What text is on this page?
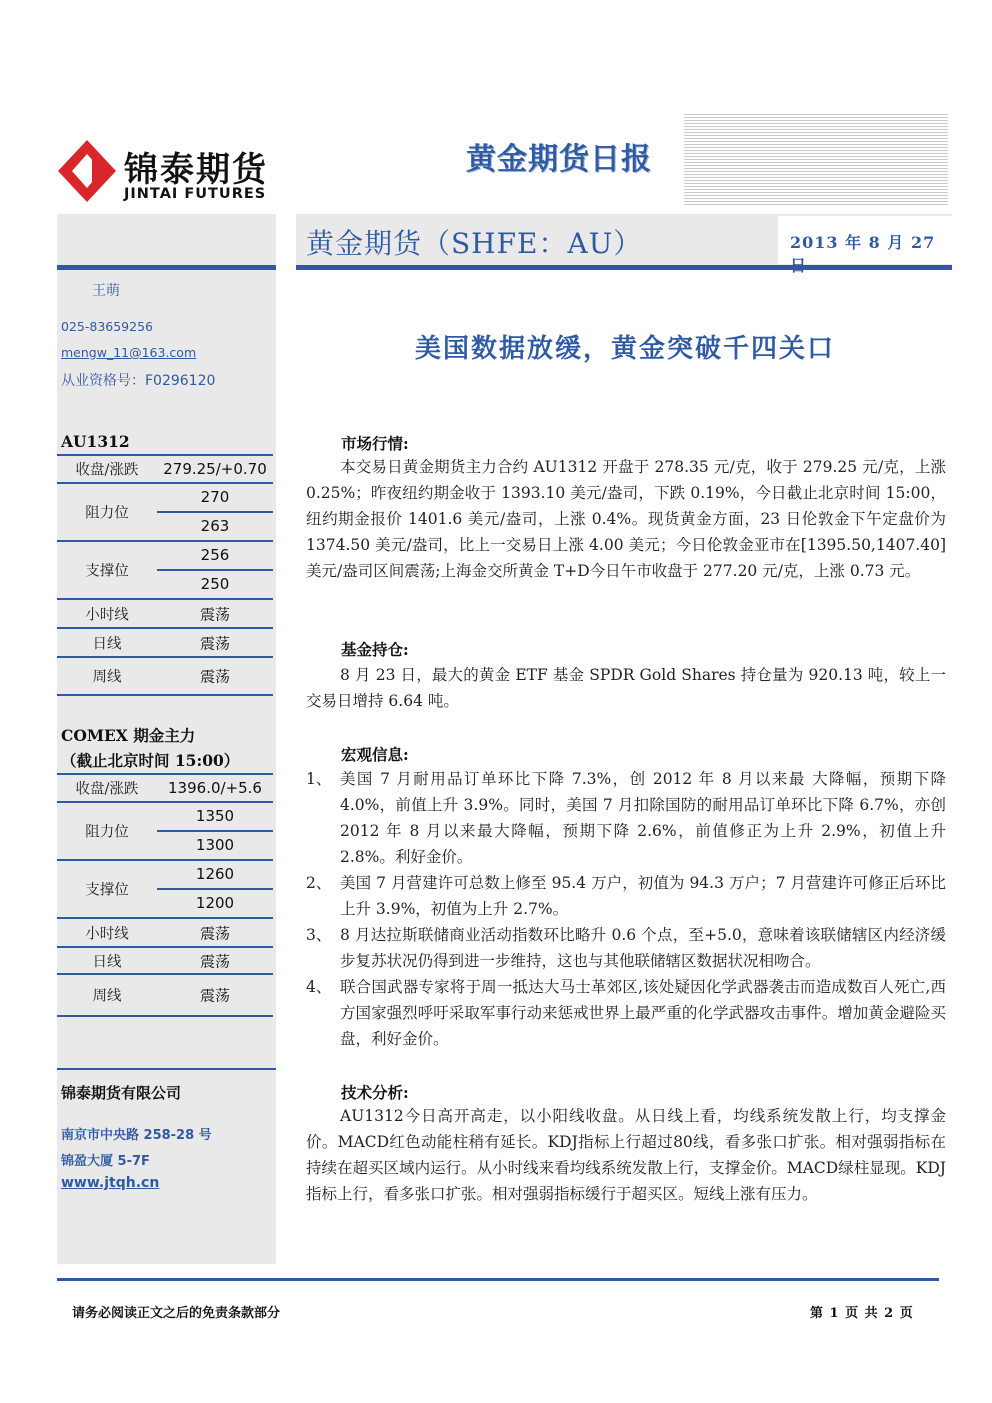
锦泰期货
JINTAI FUTURES
黄金期货日报
黄金期货（SHFE：AU）	2013 年 8 月 27
王萌
025-83659256
mengw_11@163.com
从业资格号：F0296120
AU1312
收盘/涨跌	279.25/+0.70
阻力位
270
263
支撑位
256
250
小时线	震荡
日线	震荡
周线	震荡
COMEX 期金主力
（截止北京时间 15:00）
收盘/涨跌	1396.0/+5.6
阻力位
1350
1300
支撑位
1260
1200
小时线	震荡
日线	震荡
周线	震荡
锦泰期货有限公司
南京市中央路 258-28 号
锦盈大厦 5-7F
www.jtqh.cn
美国数据放缓，黄金突破千四关口
市场行情:
本交易日黄金期货主力合约 AU1312 开盘于 278.35 元/克，收于 279.25 元/克，上涨 0.25%；昨夜纽约期金收于 1393.10 美元/盎司，下跌 0.19%，今日截止北京时间 15:00，纽约期金报价 1401.6 美元/盎司，上涨 0.4%。现货黄金方面，23 日伦敦金下午定盘价为 1374.50 美元/盎司，比上一交易日上涨 4.00 美元；今日伦敦金亚市在[1395.50,1407.40]美元/盎司区间震荡;上海金交所黄金 T+D今日午市收盘于 277.20 元/克，上涨 0.73 元。
基金持仓:
8 月 23 日，最大的黄金 ETF 基金 SPDR Gold Shares 持仓量为 920.13 吨，较上一交易日增持 6.64 吨。
宏观信息:
1、 美国 7 月耐用品订单环比下降 7.3%，创 2012 年 8 月以来最 大降幅，预期下降 4.0%，前值上升 3.9%。同时，美国 7 月扣除国防的耐用品订单环比下降 6.7%，亦创 2012 年 8 月以来最大降幅，预期下降 2.6%，前值修正为上升 2.9%，初值上升 2.8%。利好金价。
2、 美国 7 月营建许可总数上修至 95.4 万户，初值为 94.3 万户；7 月营建许可修正后环比上升 3.9%，初值为上升 2.7%。
3、 8 月达拉斯联储商业活动指数环比略升 0.6 个点，至+5.0，意味着该联储辖区内经济缓步复苏状况仍得到进一步维持，这也与其他联储辖区数据状况相吻合。
4、 联合国武器专家将于周一抵达大马士革郊区,该处疑因化学武器袭击而造成数百人死亡,西方国家强烈呼吁采取军事行动来惩戒世界上最严重的化学武器攻击事件。增加黄金避险买盘，利好金价。
技术分析:
AU1312今日高开高走，以小阳线收盘。从日线上看，均线系统发散上行，均支撑金价。MACD红色动能柱稍有延长。KDJ指标上行超过80线，看多张口扩张。相对强弱指标在持续在超买区域内运行。从小时线来看均线系统发散上行，支撑金价。MACD绿柱显现。KDJ指标上行，看多张口扩张。相对强弱指标缓行于超买区。短线上涨有压力。
请务必阅读正文之后的免责条款部分	第 1 页 共 2 页
